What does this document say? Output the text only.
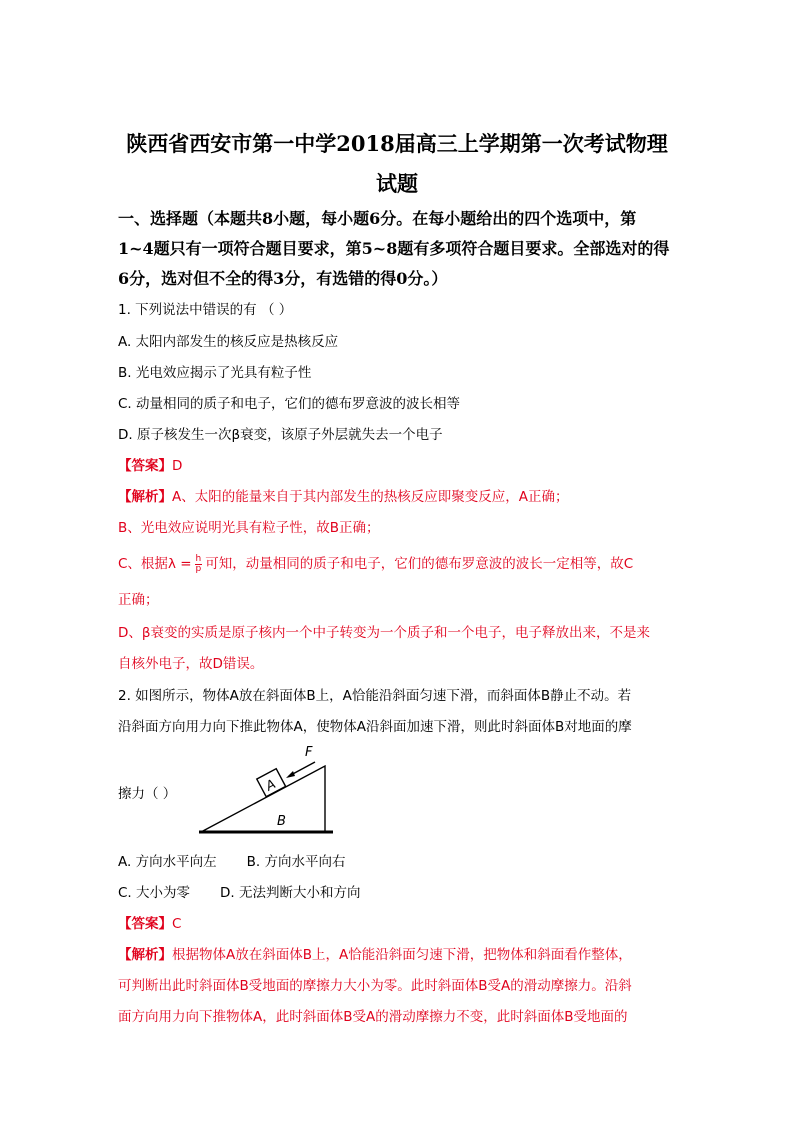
陕西省西安市第一中学2018届高三上学期第一次考试物理
试题
一、选择题（本题共8小题，每小题6分。在每小题给出的四个选项中，第
1~4题只有一项符合题目要求，第5~8题有多项符合题目要求。全部选对的得
6分，选对但不全的得3分，有选错的得0分。）
1. 下列说法中错误的有 （ ）
A. 太阳内部发生的核反应是热核反应
B. 光电效应揭示了光具有粒子性
C. 动量相同的质子和电子，它们的德布罗意波的波长相等
D. 原子核发生一次β衰变，该原子外层就失去一个电子
【答案】D
【解析】A、太阳的能量来自于其内部发生的热核反应即聚变反应，A正确；
B、光电效应说明光具有粒子性，故B正确；
C、根据$\lambda = \frac{h}{p}$ 可知，动量相同的质子和电子，它们的德布罗意波的波长一定相等，故C
正确；
D、β衰变的实质是原子核内一个中子转变为一个质子和一个电子，电子释放出来，不是来
自核外电子，故D错误。
2. 如图所示，物体A放在斜面体B上，A恰能沿斜面匀速下滑，而斜面体B静止不动。若
沿斜面方向用力向下推此物体A，使物体A沿斜面加速下滑，则此时斜面体B对地面的摩
擦力（ ）	A
F
B
A. 方向水平向左 B. 方向水平向右
C. 大小为零 D. 无法判断大小和方向
【答案】C
【解析】根据物体A放在斜面体B上，A恰能沿斜面匀速下滑，把物体和斜面看作整体，
可判断出此时斜面体B受地面的摩擦力大小为零。此时斜面体B受A的滑动摩擦力。沿斜
面方向用力向下推物体A，此时斜面体B受A的滑动摩擦力不变，此时斜面体B受地面的
